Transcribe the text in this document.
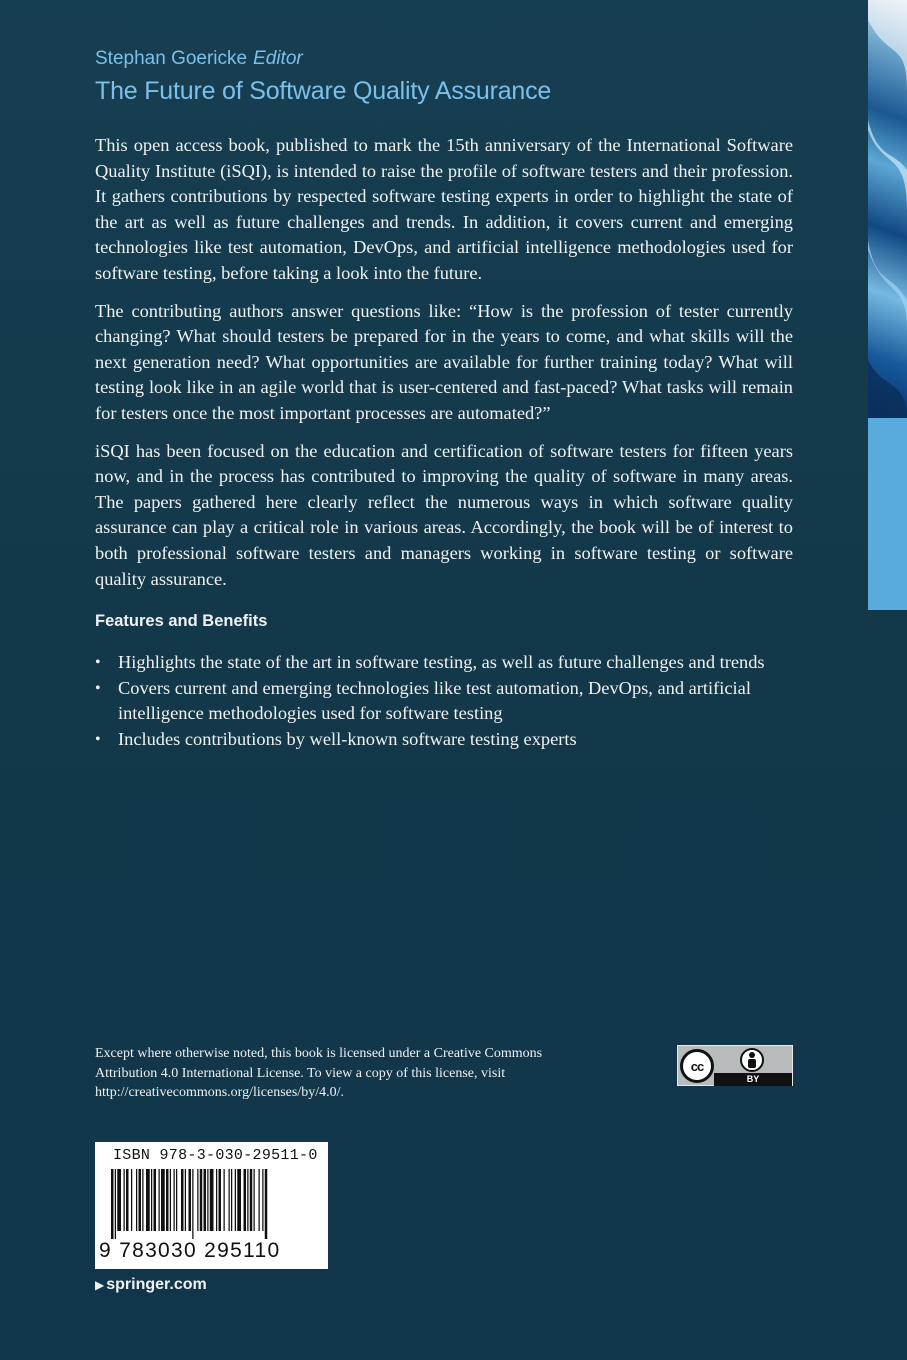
Stephan Goericke Editor
The Future of Software Quality Assurance

This open access book, published to mark the 15th anniversary of the International Software Quality Institute (iSQI), is intended to raise the profile of software testers and their profession. It gathers contributions by respected software testing experts in order to highlight the state of the art as well as future challenges and trends. In addition, it covers current and emerging technologies like test automation, DevOps, and artificial intelligence methodologies used for software testing, before taking a look into the future.

The contributing authors answer questions like: “How is the profession of tester currently changing? What should testers be prepared for in the years to come, and what skills will the next generation need? What opportunities are available for further training today? What will testing look like in an agile world that is user-centered and fast-paced? What tasks will remain for testers once the most important processes are automated?”

iSQI has been focused on the education and certification of software testers for fifteen years now, and in the process has contributed to improving the quality of software in many areas. The papers gathered here clearly reflect the numerous ways in which software quality assurance can play a critical role in various areas. Accordingly, the book will be of interest to both professional software testers and managers working in software testing or software quality assurance.

Features and Benefits
• Highlights the state of the art in software testing, as well as future challenges and trends
• Covers current and emerging technologies like test automation, DevOps, and artificial intelligence methodologies used for software testing
• Includes contributions by well-known software testing experts
Except where otherwise noted, this book is licensed under a Creative Commons Attribution 4.0 International License. To view a copy of this license, visit http://creativecommons.org/licenses/by/4.0/.
cc
BY
ISBN 978-3-030-29511-0
9 783030 295110
▶ springer.com
